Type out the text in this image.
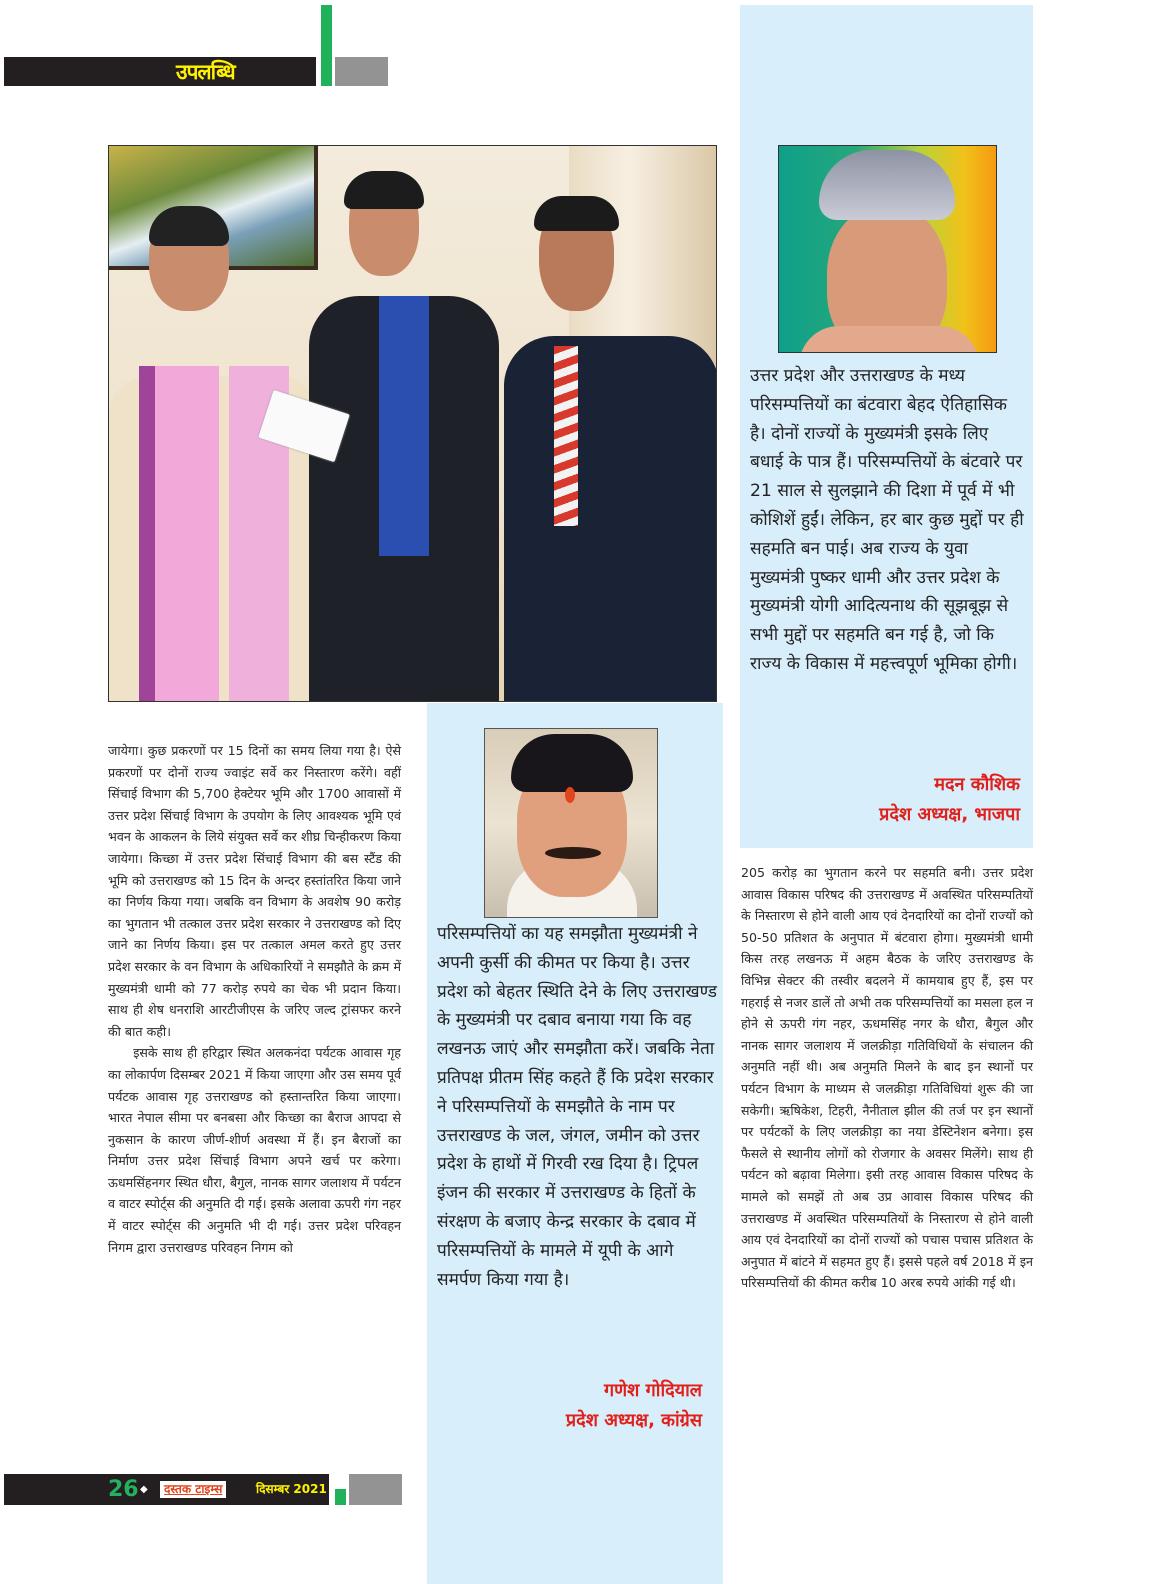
उपलब्धि
उत्तर प्रदेश और उत्तराखण्ड के मध्य परिसम्पत्तियों का बंटवारा बेहद ऐतिहासिक है। दोनों राज्यों के मुख्यमंत्री इसके लिए बधाई के पात्र हैं। परिसम्पत्तियों के बंटवारे पर 21 साल से सुलझाने की दिशा में पूर्व में भी कोशिशें हुईं। लेकिन, हर बार कुछ मुद्दों पर ही सहमति बन पाई। अब राज्य के युवा मुख्यमंत्री पुष्कर धामी और उत्तर प्रदेश के मुख्यमंत्री योगी आदित्यनाथ की सूझबूझ से सभी मुद्दों पर सहमति बन गई है, जो कि राज्य के विकास में महत्त्वपूर्ण भूमिका होगी।
मदन कौशिक
प्रदेश अध्यक्ष, भाजपा
परिसम्पत्तियों का यह समझौता मुख्यमंत्री ने अपनी कुर्सी की कीमत पर किया है। उत्तर प्रदेश को बेहतर स्थिति देने के लिए उत्तराखण्ड के मुख्यमंत्री पर दबाव बनाया गया कि वह लखनऊ जाएं और समझौता करें। जबकि नेता प्रतिपक्ष प्रीतम सिंह कहते हैं कि प्रदेश सरकार ने परिसम्पत्तियों के समझौते के नाम पर उत्तराखण्ड के जल, जंगल, जमीन को उत्तर प्रदेश के हाथों में गिरवी रख दिया है। ट्रिपल इंजन की सरकार में उत्तराखण्ड के हितों के संरक्षण के बजाए केन्द्र सरकार के दबाव में परिसम्पत्तियों के मामले में यूपी के आगे समर्पण किया गया है।
गणेश गोदियाल
प्रदेश अध्यक्ष, कांग्रेस

जायेगा। कुछ प्रकरणों पर 15 दिनों का समय लिया गया है। ऐसे प्रकरणों पर दोनों राज्य ज्वाइंट सर्वे कर निस्तारण करेंगे। वहीं सिंचाई विभाग की 5,700 हेक्टेयर भूमि और 1700 आवासों में उत्तर प्रदेश सिंचाई विभाग के उपयोग के लिए आवश्यक भूमि एवं भवन के आकलन के लिये संयुक्त सर्वे कर शीघ्र चिन्हीकरण किया जायेगा। किच्छा में उत्तर प्रदेश सिंचाई विभाग की बस स्टैंड की भूमि को उत्तराखण्ड को 15 दिन के अन्दर हस्तांतरित किया जाने का निर्णय किया गया। जबकि वन विभाग के अवशेष 90 करोड़ का भुगतान भी तत्काल उत्तर प्रदेश सरकार ने उत्तराखण्ड को दिए जाने का निर्णय किया। इस पर तत्काल अमल करते हुए उत्तर प्रदेश सरकार के वन विभाग के अधिकारियों ने समझौते के क्रम में मुख्यमंत्री धामी को 77 करोड़ रुपये का चेक भी प्रदान किया। साथ ही शेष धनराशि आरटीजीएस के जरिए जल्द ट्रांसफर करने की बात कही।

इसके साथ ही हरिद्वार स्थित अलकनंदा पर्यटक आवास गृह का लोकार्पण दिसम्बर 2021 में किया जाएगा और उस समय पूर्व पर्यटक आवास गृह उत्तराखण्ड को हस्तान्तरित किया जाएगा। भारत नेपाल सीमा पर बनबसा और किच्छा का बैराज आपदा से नुकसान के कारण जीर्ण-शीर्ण अवस्था में हैं। इन बैराजों का निर्माण उत्तर प्रदेश सिंचाई विभाग अपने खर्च पर करेगा। ऊधमसिंहनगर स्थित धौरा, बैगुल, नानक सागर जलाशय में पर्यटन व वाटर स्पोर्ट्स की अनुमति दी गई। इसके अलावा ऊपरी गंग नहर में वाटर स्पोर्ट्स की अनुमति भी दी गई। उत्तर प्रदेश परिवहन निगम द्वारा उत्तराखण्ड परिवहन निगम को

205 करोड़ का भुगतान करने पर सहमति बनी। उत्तर प्रदेश आवास विकास परिषद की उत्तराखण्ड में अवस्थित परिसम्पतियों के निस्तारण से होने वाली आय एवं देनदारियों का दोनों राज्यों को 50-50 प्रतिशत के अनुपात में बंटवारा होगा। मुख्यमंत्री धामी किस तरह लखनऊ में अहम बैठक के जरिए उत्तराखण्ड के विभिन्न सेक्टर की तस्वीर बदलने में कामयाब हुए हैं, इस पर गहराई से नजर डालें तो अभी तक परिसम्पत्तियों का मसला हल न होने से ऊपरी गंग नहर, ऊधमसिंह नगर के धौरा, बैगुल और नानक सागर जलाशय में जलक्रीड़ा गतिविधियों के संचालन की अनुमति नहीं थी। अब अनुमति मिलने के बाद इन स्थानों पर पर्यटन विभाग के माध्यम से जलक्रीड़ा गतिविधियां शुरू की जा सकेगी। ऋषिकेश, टिहरी, नैनीताल झील की तर्ज पर इन स्थानों पर पर्यटकों के लिए जलक्रीड़ा का नया डेस्टिनेशन बनेगा। इस फैसले से स्थानीय लोगों को रोजगार के अवसर मिलेंगे। साथ ही पर्यटन को बढ़ावा मिलेगा। इसी तरह आवास विकास परिषद के मामले को समझें तो अब उप्र आवास विकास परिषद की उत्तराखण्ड में अवस्थित परिसम्पतियों के निस्तारण से होने वाली आय एवं देनदारियों का दोनों राज्यों को पचास पचास प्रतिशत के अनुपात में बांटने में सहमत हुए हैं। इससे पहले वर्ष 2018 में इन परिसम्पत्तियों की कीमत करीब 10 अरब रुपये आंकी गई थी।

26 ◆	दस्तक टाइम्स	दिसम्बर 2021
